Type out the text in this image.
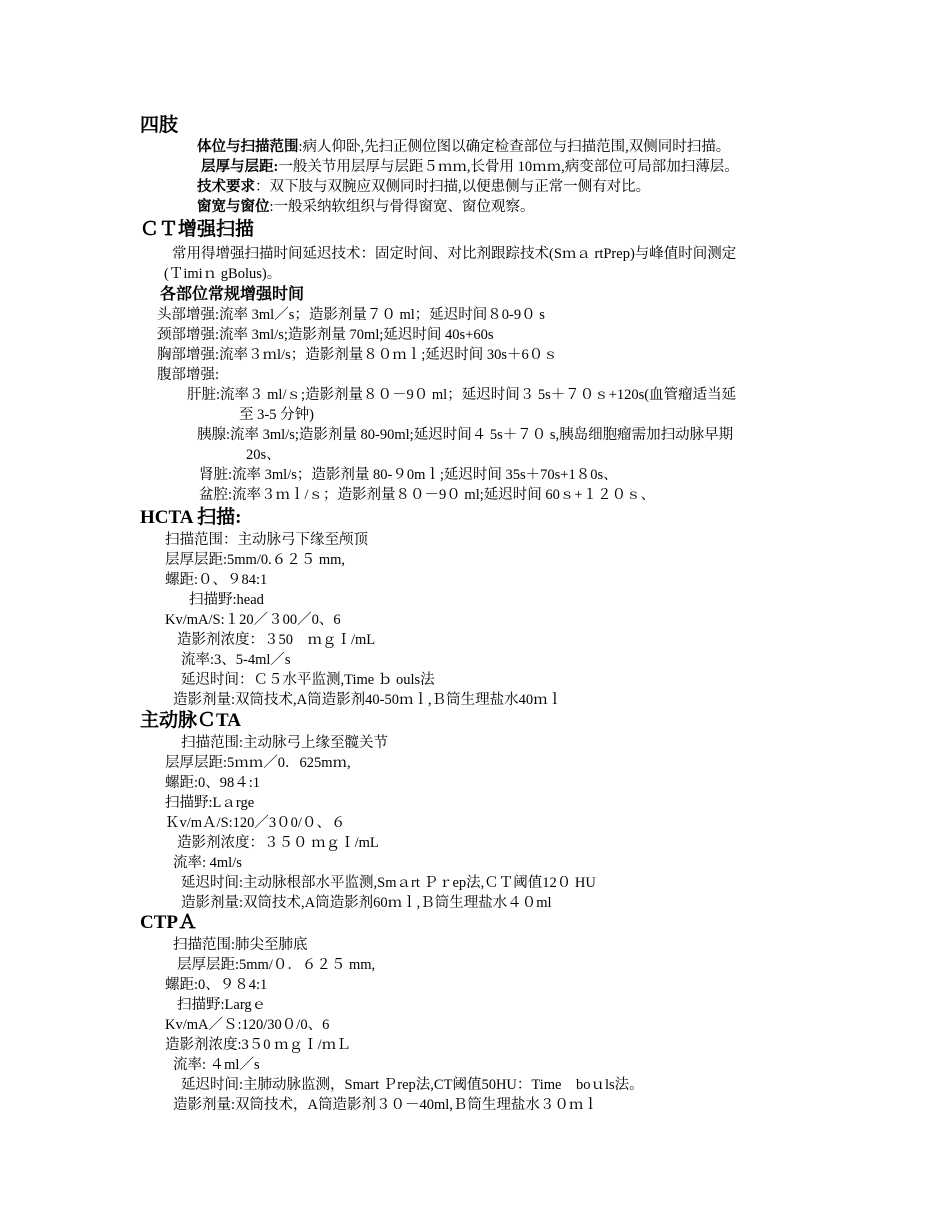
四肢
体位与扫描范围:病人仰卧,先扫正侧位图以确定检查部位与扫描范围,双侧同时扫描。
层厚与层距:一般关节用层厚与层距５ｍｍ,长骨用 10ｍｍ,病变部位可局部加扫薄层。
技术要求：双下肢与双腕应双侧同时扫描,以便患侧与正常一侧有对比。
窗宽与窗位:一般采纳软组织与骨得窗宽、窗位观察。
ＣＴ增强扫描
常用得增强扫描时间延迟技术：固定时间、对比剂跟踪技术(Sｍａ rtPrep)与峰值时间测定
(Ｔimiｎ gBolus)。
各部位常规增强时间
头部增强:流率 3ml／s；造影剂量７０ ml；延迟时间８0-9０ s
颈部增强:流率 3ml/s;造影剂量 70ml;延迟时间 40s+60s
胸部增强:流率３ｍl/s；造影剂量８０ｍｌ;延迟时间 30s＋6０ｓ
腹部增强:
肝脏:流率３ ml/ｓ;造影剂量８０－9０ ml；延迟时间３ 5s＋７０ｓ+120s(血管瘤适当延
至 3-5 分钟)
胰腺:流率 3ml/s;造影剂量 80-90ml;延迟时间４ 5s＋７０ s,胰岛细胞瘤需加扫动脉早期
20s、
肾脏:流率 3ml/s；造影剂量 80-９0mｌ;延迟时间 35s＋70s+1８0s、
盆腔:流率３ｍｌ/ｓ；造影剂量８０－9０ ml;延迟时间 60ｓ+１２０ｓ、
HCTA 扫描:
扫描范围：主动脉弓下缘至颅顶
层厚层距:5mm/0.６２５ mm,
螺距:０、９84:1
扫描野:head
Kv/mA/S:１20／３00／0、6
造影剂浓度：３50　ｍｇＩ/mL
流率:3、5-4ml／s
延迟时间：Ｃ５水平监测,Time ｂ ouls法
造影剂量:双筒技术,A筒造影剂40-50ｍｌ,Ｂ筒生理盐水40ｍｌ
主动脉ＣTA
扫描范围:主动脉弓上缘至髋关节
层厚层距:5ｍｍ／0．625mｍ,
螺距:0、98４:1
扫描野:Lａrge
Ｋv/mＡ/S:120／3０0/０、６
造影剂浓度：３５０ ｍｇＩ/mL
流率: 4ml/s
延迟时间:主动脉根部水平监测,Smａrt Ｐｒep法,ＣＴ阈值12０ HU
造影剂量:双筒技术,A筒造影剂60ｍｌ,Ｂ筒生理盐水４０ml
CTPＡ
扫描范围:肺尖至肺底
层厚层距:5mm/０．６２５ mm,
螺距:0、９８4:1
扫描野:Largｅ
Kv/mA／Ｓ:120/30０/0、6
造影剂浓度:3５0 ｍｇＩ/ｍＬ
流率: ４ml／s
延迟时间:主肺动脉监测，Smart Ｐrep法,CT阈值50HU：Time　boｕls法。
造影剂量:双筒技术，A筒造影剂３０－40ml,Ｂ筒生理盐水３０ｍｌ
